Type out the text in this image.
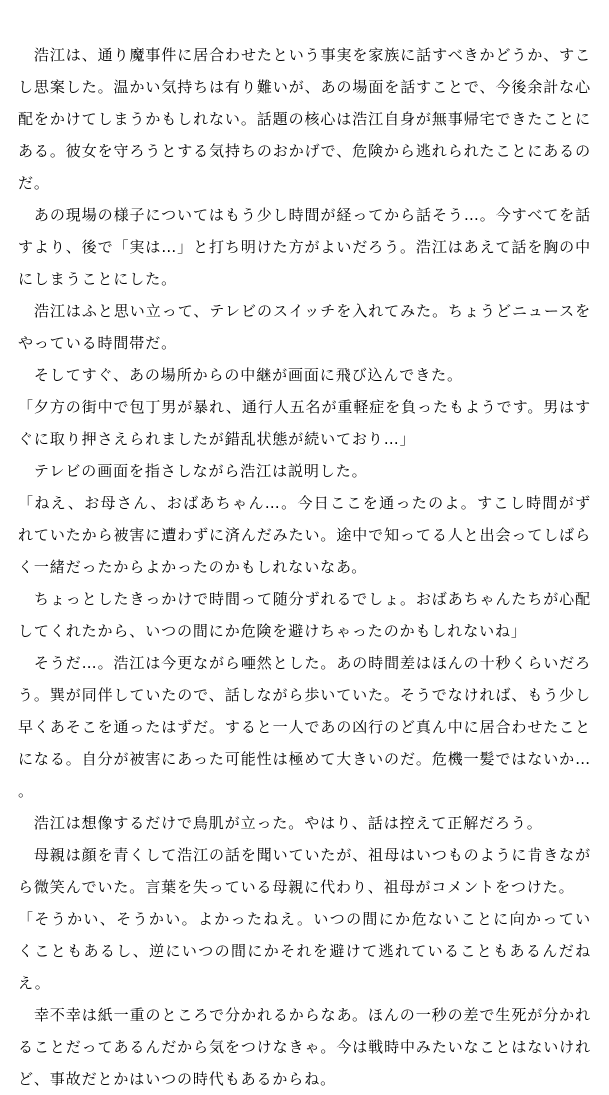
　浩江は、通り魔事件に居合わせたという事実を家族に話すべきかどうか、すこし思案した。温かい気持ちは有り難いが、あの場面を話すことで、今後余計な心配をかけてしまうかもしれない。話題の核心は浩江自身が無事帰宅できたことにある。彼女を守ろうとする気持ちのおかげで、危険から逃れられたことにあるのだ。

　あの現場の様子についてはもう少し時間が経ってから話そう…。今すべてを話すより、後で「実は…」と打ち明けた方がよいだろう。浩江はあえて話を胸の中にしまうことにした。

　浩江はふと思い立って、テレビのスイッチを入れてみた。ちょうどニュースをやっている時間帯だ。

　そしてすぐ、あの場所からの中継が画面に飛び込んできた。

「夕方の街中で包丁男が暴れ、通行人五名が重軽症を負ったもようです。男はすぐに取り押さえられましたが錯乱状態が続いており…」

　テレビの画面を指さしながら浩江は説明した。

「ねえ、お母さん、おばあちゃん…。今日ここを通ったのよ。すこし時間がずれていたから被害に遭わずに済んだみたい。途中で知ってる人と出会ってしばらく一緒だったからよかったのかもしれないなあ。

　ちょっとしたきっかけで時間って随分ずれるでしょ。おばあちゃんたちが心配してくれたから、いつの間にか危険を避けちゃったのかもしれないね」

　そうだ…。浩江は今更ながら唖然とした。あの時間差はほんの十秒くらいだろう。巽が同伴していたので、話しながら歩いていた。そうでなければ、もう少し早くあそこを通ったはずだ。すると一人であの凶行のど真ん中に居合わせたことになる。自分が被害にあった可能性は極めて大きいのだ。危機一髪ではないか…。

　浩江は想像するだけで鳥肌が立った。やはり、話は控えて正解だろう。

　母親は顔を青くして浩江の話を聞いていたが、祖母はいつものように肯きながら微笑んでいた。言葉を失っている母親に代わり、祖母がコメントをつけた。

「そうかい、そうかい。よかったねえ。いつの間にか危ないことに向かっていくこともあるし、逆にいつの間にかそれを避けて逃れていることもあるんだねえ。

　幸不幸は紙一重のところで分かれるからなあ。ほんの一秒の差で生死が分かれることだってあるんだから気をつけなきゃ。今は戦時中みたいなことはないけれど、事故だとかはいつの時代もあるからね。
